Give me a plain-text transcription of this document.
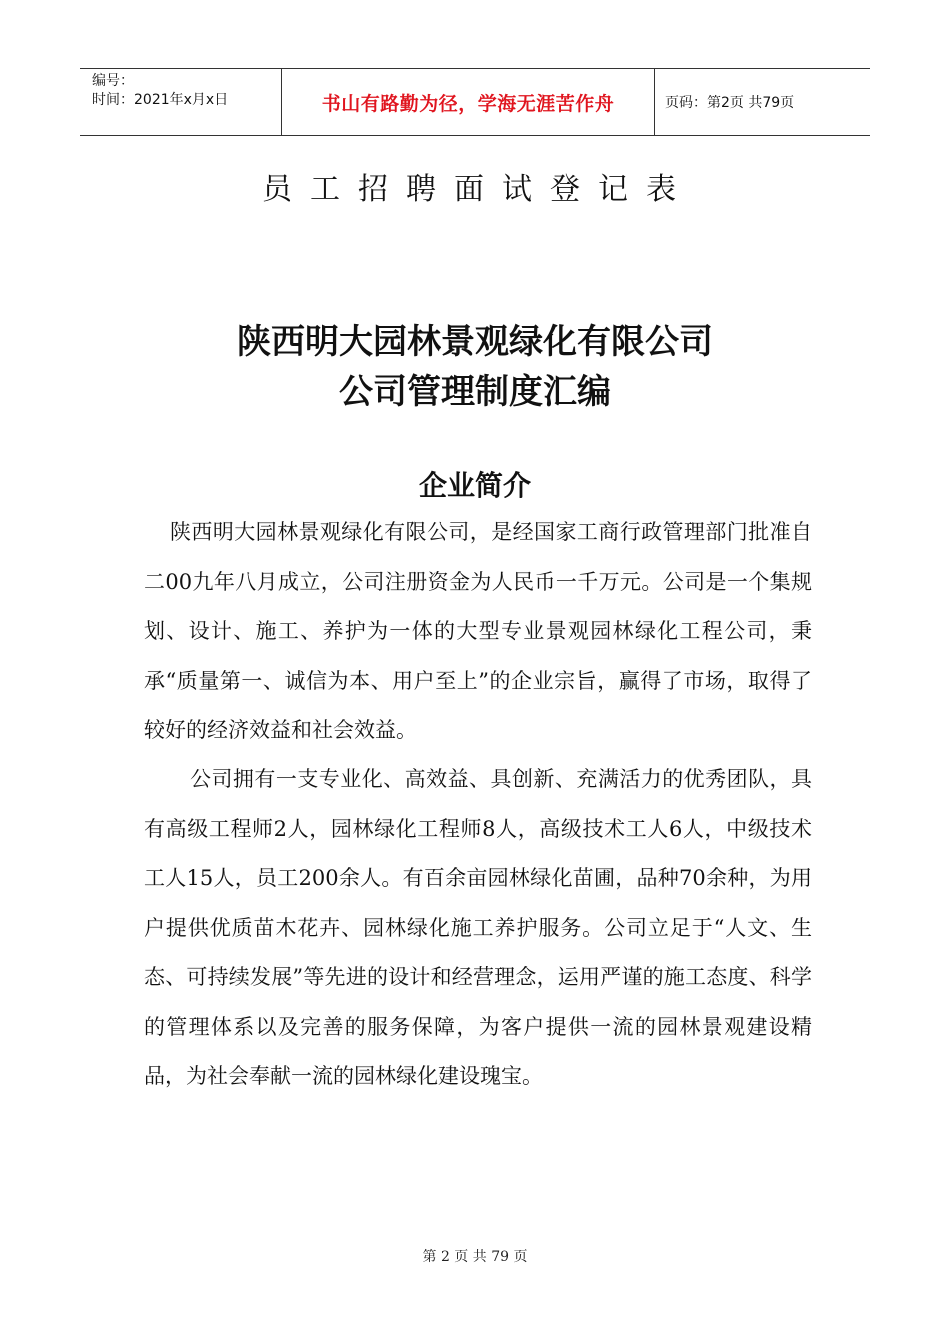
编号：
时间：2021年x月x日	书山有路勤为径，学海无涯苦作舟	页码：第2页 共79页
员工招聘面试登记表
陕西明大园林景观绿化有限公司
公司管理制度汇编
企业简介

陕西明大园林景观绿化有限公司，是经国家工商行政管理部门批准自二00九年八月成立，公司注册资金为人民币一千万元。公司是一个集规划、设计、施工、养护为一体的大型专业景观园林绿化工程公司，秉承“质量第一、诚信为本、用户至上”的企业宗旨，赢得了市场，取得了较好的经济效益和社会效益。

公司拥有一支专业化、高效益、具创新、充满活力的优秀团队，具有高级工程师2人，园林绿化工程师8人，高级技术工人6人，中级技术工人15人，员工200余人。有百余亩园林绿化苗圃，品种70余种，为用户提供优质苗木花卉、园林绿化施工养护服务。公司立足于“人文、生态、可持续发展”等先进的设计和经营理念，运用严谨的施工态度、科学的管理体系以及完善的服务保障，为客户提供一流的园林景观建设精品，为社会奉献一流的园林绿化建设瑰宝。

第 2 页 共 79 页
